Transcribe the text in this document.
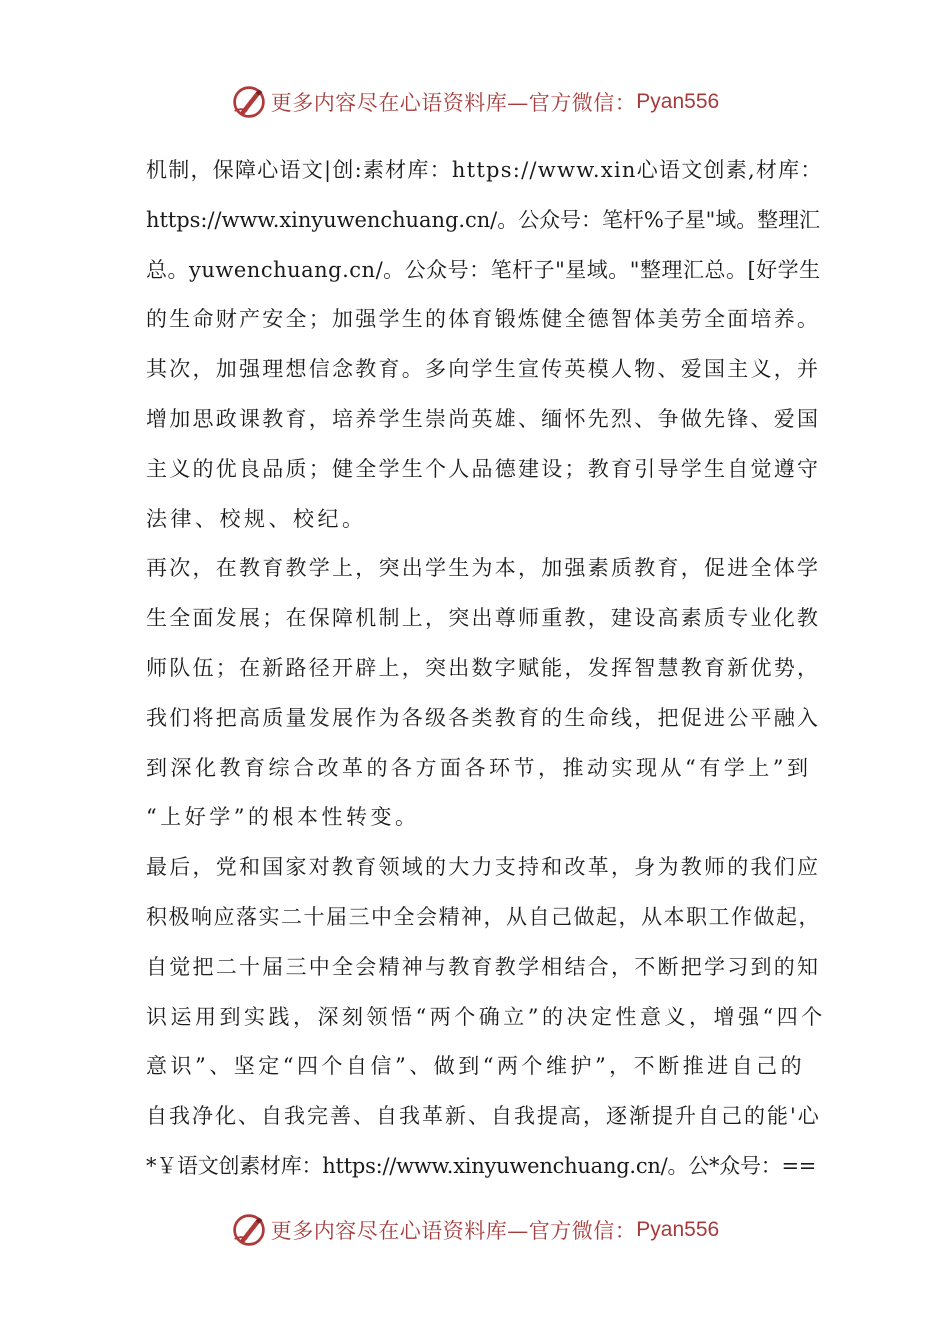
更多内容尽在心语资料库—官方微信： Pyan556
机制，保障心语文|创:素材库：https://www.xin心语文创素,材库：
https://www.xinyuwenchuang.cn/。公众号：笔杆%子星"域。整理汇
总。yuwenchuang.cn/。公众号：笔杆子"星域。"整理汇总。[好学生
的生命财产安全；加强学生的体育锻炼健全德智体美劳全面培养。
其次，加强理想信念教育。多向学生宣传英模人物、爱国主义，并
增加思政课教育，培养学生崇尚英雄、缅怀先烈、争做先锋、爱国
主义的优良品质；健全学生个人品德建设；教育引导学生自觉遵守
法律、校规、校纪。
再次，在教育教学上，突出学生为本，加强素质教育，促进全体学
生全面发展；在保障机制上，突出尊师重教，建设高素质专业化教
师队伍；在新路径开辟上，突出数字赋能，发挥智慧教育新优势，
我们将把高质量发展作为各级各类教育的生命线，把促进公平融入
到深化教育综合改革的各方面各环节，推动实现从“有学上”到
“上好学”的根本性转变。
最后，党和国家对教育领域的大力支持和改革，身为教师的我们应
积极响应落实二十届三中全会精神，从自己做起，从本职工作做起，
自觉把二十届三中全会精神与教育教学相结合，不断把学习到的知
识运用到实践，深刻领悟“两个确立”的决定性意义，增强“四个
意识”、坚定“四个自信”、做到“两个维护”，不断推进自己的
自我净化、自我完善、自我革新、自我提高，逐渐提升自己的能'心
*￥语文创素材库：https://www.xinyuwenchuang.cn/。公*众号：==
更多内容尽在心语资料库—官方微信： Pyan556
